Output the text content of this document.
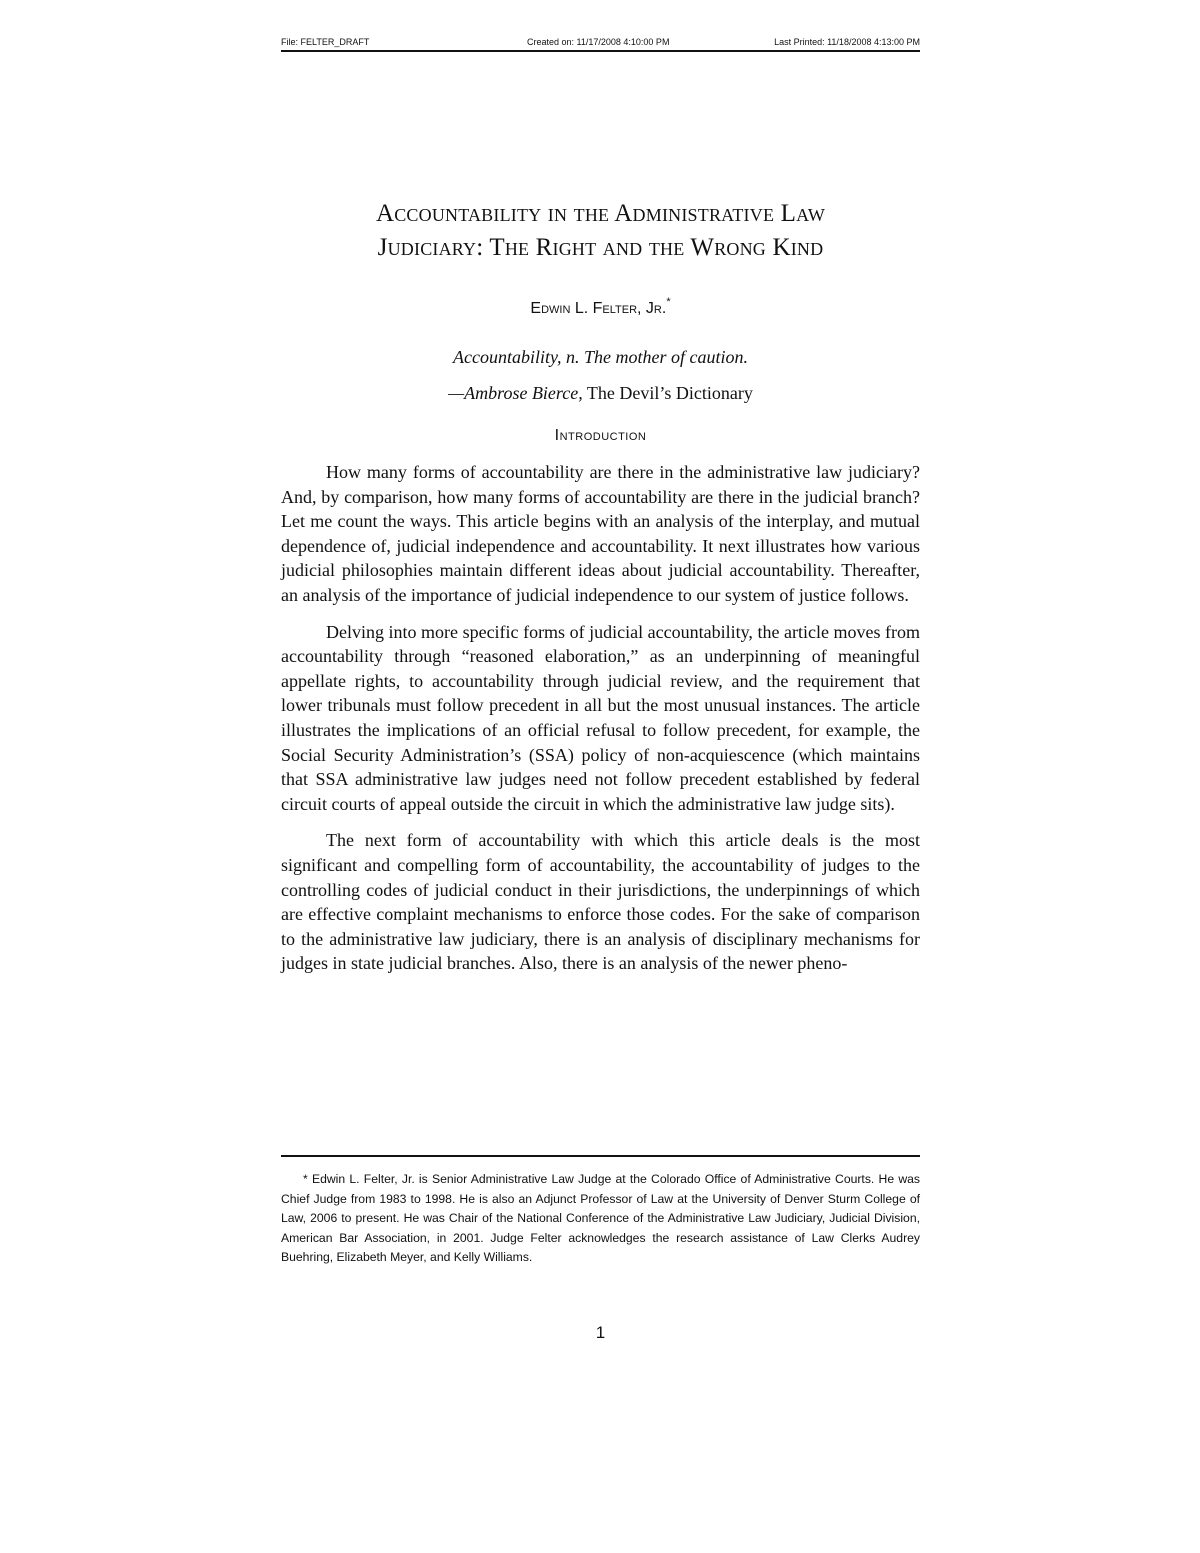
File: FELTER_DRAFT	Created on: 11/17/2008 4:10:00 PM	Last Printed: 11/18/2008 4:13:00 PM
Accountability in the Administrative Law
Judiciary: The Right and the Wrong Kind
Edwin L. Felter, Jr.*
Accountability, n. The mother of caution.
—Ambrose Bierce, The Devil’s Dictionary
Introduction

How many forms of accountability are there in the administrative law judiciary? And, by comparison, how many forms of accountability are there in the judicial branch? Let me count the ways. This article begins with an analysis of the interplay, and mutual dependence of, judicial independence and accountability. It next illustrates how various judicial philosophies maintain different ideas about judicial accountability. Thereafter, an analysis of the importance of judicial independence to our system of justice follows.

Delving into more specific forms of judicial accountability, the article moves from accountability through “reasoned elaboration,” as an underpinning of meaningful appellate rights, to accountability through judicial review, and the requirement that lower tribunals must follow precedent in all but the most unusual instances. The article illustrates the implications of an official refusal to follow precedent, for example, the Social Security Administration’s (SSA) policy of non-acquiescence (which maintains that SSA administrative law judges need not follow precedent established by federal circuit courts of appeal outside the circuit in which the administrative law judge sits).

The next form of accountability with which this article deals is the most significant and compelling form of accountability, the accountability of judges to the controlling codes of judicial conduct in their jurisdictions, the underpinnings of which are effective complaint mechanisms to enforce those codes. For the sake of comparison to the administrative law judiciary, there is an analysis of disciplinary mechanisms for judges in state judicial branches. Also, there is an analysis of the newer pheno-

* Edwin L. Felter, Jr. is Senior Administrative Law Judge at the Colorado Office of Administrative Courts. He was Chief Judge from 1983 to 1998. He is also an Adjunct Professor of Law at the University of Denver Sturm College of Law, 2006 to present. He was Chair of the National Conference of the Administrative Law Judiciary, Judicial Division, American Bar Association, in 2001. Judge Felter acknowledges the research assistance of Law Clerks Audrey Buehring, Elizabeth Meyer, and Kelly Williams.
1
